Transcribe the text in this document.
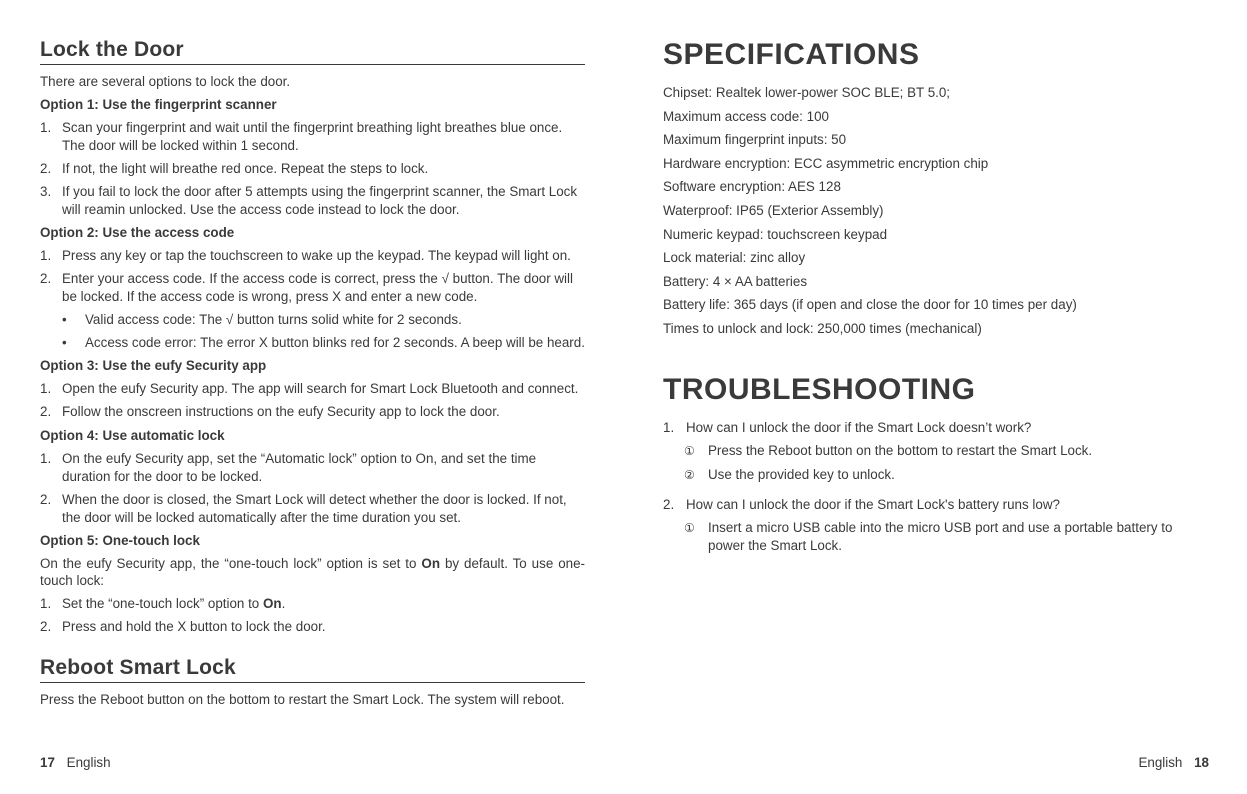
Lock the Door
There are several options to lock the door.
Option 1: Use the fingerprint scanner
1. Scan your fingerprint and wait until the fingerprint breathing light breathes blue once. The door will be locked within 1 second.
2. If not, the light will breathe red once. Repeat the steps to lock.
3. If you fail to lock the door after 5 attempts using the fingerprint scanner, the Smart Lock will reamin unlocked. Use the access code instead to lock the door.
Option 2: Use the access code
1. Press any key or tap the touchscreen to wake up the keypad. The keypad will light on.
2. Enter your access code. If the access code is correct, press the √ button. The door will be locked. If the access code is wrong, press X and enter a new code.
• Valid access code: The √ button turns solid white for 2 seconds.
• Access code error: The error X button blinks red for 2 seconds. A beep will be heard.
Option 3: Use the eufy Security app
1. Open the eufy Security app. The app will search for Smart Lock Bluetooth and connect.
2. Follow the onscreen instructions on the eufy Security app to lock the door.
Option 4: Use automatic lock
1. On the eufy Security app, set the “Automatic lock” option to On, and set the time duration for the door to be locked.
2. When the door is closed, the Smart Lock will detect whether the door is locked. If not, the door will be locked automatically after the time duration you set.
Option 5: One-touch lock
On the eufy Security app, the “one-touch lock” option is set to On by default. To use one-touch lock:
1. Set the “one-touch lock” option to On.
2. Press and hold the X button to lock the door.
Reboot Smart Lock
Press the Reboot button on the bottom to restart the Smart Lock. The system will reboot.
SPECIFICATIONS
Chipset: Realtek lower-power SOC BLE; BT 5.0;
Maximum access code: 100
Maximum fingerprint inputs: 50
Hardware encryption: ECC asymmetric encryption chip
Software encryption: AES 128
Waterproof: IP65 (Exterior Assembly)
Numeric keypad: touchscreen keypad
Lock material: zinc alloy
Battery: 4 × AA batteries
Battery life: 365 days (if open and close the door for 10 times per day)
Times to unlock and lock: 250,000 times (mechanical)
TROUBLESHOOTING
1. How can I unlock the door if the Smart Lock doesn’t work?
① Press the Reboot button on the bottom to restart the Smart Lock.
② Use the provided key to unlock.
2. How can I unlock the door if the Smart Lock's battery runs low?
① Insert a micro USB cable into the micro USB port and use a portable battery to power the Smart Lock.
17 English	English 18
